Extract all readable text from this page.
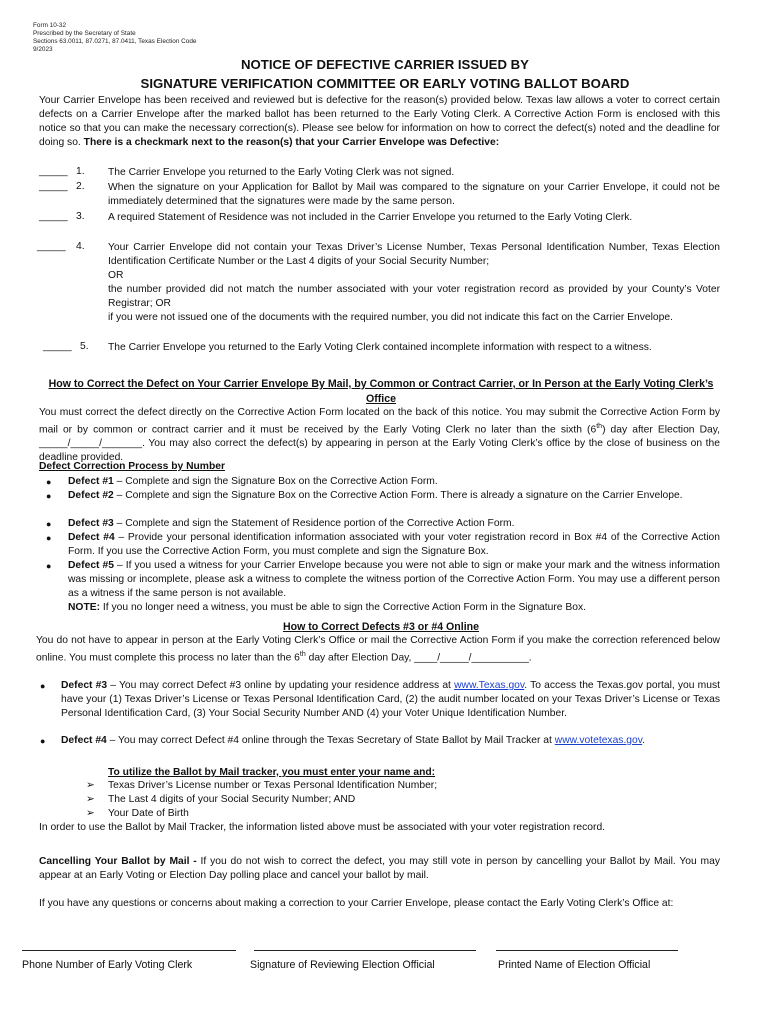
Form 10-32
Prescribed by the Secretary of State
Sections 63.0011, 87.0271, 87.0411, Texas Election Code
9/2023
NOTICE OF DEFECTIVE CARRIER ISSUED BY
SIGNATURE VERIFICATION COMMITTEE OR EARLY VOTING BALLOT BOARD
Your Carrier Envelope has been received and reviewed but is defective for the reason(s) provided below. Texas law allows a voter to correct certain defects on a Carrier Envelope after the marked ballot has been returned to the Early Voting Clerk. A Corrective Action Form is enclosed with this notice so that you can make the necessary correction(s). Please see below for information on how to correct the defect(s) noted and the deadline for doing so. There is a checkmark next to the reason(s) that your Carrier Envelope was Defective:
_____ 1. The Carrier Envelope you returned to the Early Voting Clerk was not signed.
_____ 2. When the signature on your Application for Ballot by Mail was compared to the signature on your Carrier Envelope, it could not be immediately determined that the signatures were made by the same person.
_____ 3. A required Statement of Residence was not included in the Carrier Envelope you returned to the Early Voting Clerk.
_____ 4. Your Carrier Envelope did not contain your Texas Driver’s License Number, Texas Personal Identification Number, Texas Election Identification Certificate Number or the Last 4 digits of your Social Security Number;
OR
the number provided did not match the number associated with your voter registration record as provided by your County’s Voter Registrar; OR
if you were not issued one of the documents with the required number, you did not indicate this fact on the Carrier Envelope.
_____ 5. The Carrier Envelope you returned to the Early Voting Clerk contained incomplete information with respect to a witness.
How to Correct the Defect on Your Carrier Envelope By Mail, by Common or Contract Carrier, or In Person at the Early Voting Clerk’s Office
You must correct the defect directly on the Corrective Action Form located on the back of this notice. You may submit the Corrective Action Form by mail or by common or contract carrier and it must be received by the Early Voting Clerk no later than the sixth (6th) day after Election Day, _____/_____/_______. You may also correct the defect(s) by appearing in person at the Early Voting Clerk’s office by the close of business on the deadline provided.
Defect Correction Process by Number
● Defect #1 – Complete and sign the Signature Box on the Corrective Action Form.
● Defect #2 – Complete and sign the Signature Box on the Corrective Action Form. There is already a signature on the Carrier Envelope.
● Defect #3 – Complete and sign the Statement of Residence portion of the Corrective Action Form.
● Defect #4 – Provide your personal identification information associated with your voter registration record in Box #4 of the Corrective Action Form. If you use the Corrective Action Form, you must complete and sign the Signature Box.
● Defect #5 – If you used a witness for your Carrier Envelope because you were not able to sign or make your mark and the witness information was missing or incomplete, please ask a witness to complete the witness portion of the Corrective Action Form. You may use a different person as a witness if the same person is not available.
NOTE: If you no longer need a witness, you must be able to sign the Corrective Action Form in the Signature Box.
How to Correct Defects #3 or #4 Online
You do not have to appear in person at the Early Voting Clerk’s Office or mail the Corrective Action Form if you make the correction referenced below online. You must complete this process no later than the 6th day after Election Day, ____/_____/__________.
● Defect #3 – You may correct Defect #3 online by updating your residence address at www.Texas.gov. To access the Texas.gov portal, you must have your (1) Texas Driver’s License or Texas Personal Identification Card, (2) the audit number located on your Texas Driver’s License or Texas Personal Identification Card, (3) Your Social Security Number AND (4) your Voter Unique Identification Number.
● Defect #4 – You may correct Defect #4 online through the Texas Secretary of State Ballot by Mail Tracker at www.votetexas.gov.
To utilize the Ballot by Mail tracker, you must enter your name and:
➢ Texas Driver’s License number or Texas Personal Identification Number;
➢ The Last 4 digits of your Social Security Number; AND
➢ Your Date of Birth
In order to use the Ballot by Mail Tracker, the information listed above must be associated with your voter registration record.
Cancelling Your Ballot by Mail - If you do not wish to correct the defect, you may still vote in person by cancelling your Ballot by Mail. You may appear at an Early Voting or Election Day polling place and cancel your ballot by mail.
If you have any questions or concerns about making a correction to your Carrier Envelope, please contact the Early Voting Clerk’s Office at:
Phone Number of Early Voting Clerk	Signature of Reviewing Election Official	Printed Name of Election Official
